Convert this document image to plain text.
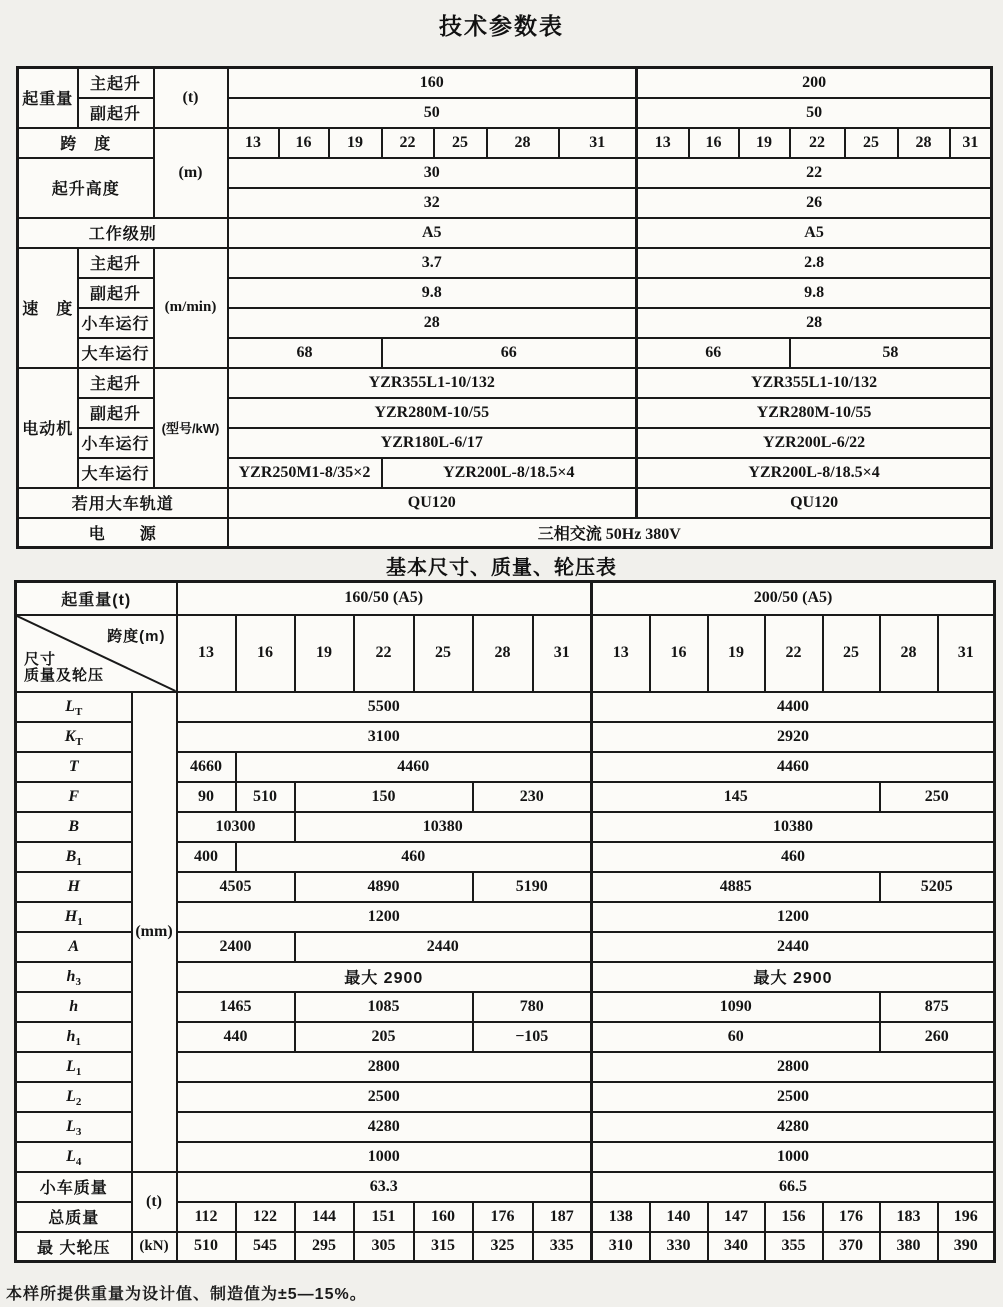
技术参数表
起重量	主起升	(t)	160							200						
	副起升		50							50						
跨　度		(m)	13	16	19	22	25	28	31	13	16	19	22	25	28	31
起升高度			30							22						
			32							26						
工作级别			A5							A5						
速　度	主起升	(m/min)	3.7							2.8						
	副起升		9.8							9.8						
	小车运行		28							28						
	大车运行		68			66				66			58			
电动机	主起升	(型号/kW)	YZR355L1-10/132							YZR355L1-10/132						
	副起升		YZR280M-10/55							YZR280M-10/55						
	小车运行		YZR180L-6/17							YZR200L-6/22						
	大车运行		YZR250M1-8/35×2			YZR200L-8/18.5×4				YZR200L-8/18.5×4						
若用大车轨道			QU120							QU120						
电　　源			三相交流 50Hz 380V													
基本尺寸、质量、轮压表
起重量(t)		160/50 (A5)							200/50 (A5)						

跨度(m)
尺寸
质量及轮压		13	16	19	22	25	28	31	13	16	19	22	25	28	31
$L_T$	(mm)	5500							4400						
$K_T$		3100							2920						
T		4660	4460						4460						
F		90	510	150			230		145					250	
B		10300		10380					10380						
$B_1$		400	460						460						
H		4505		4890			5190		4885					5205	
$H_1$		1200							1200						
A		2400		2440					2440						
$h_3$		最大 2900							最大 2900						
h		1465		1085			780		1090					875	
$h_1$		440		205			−105		60					260	
$L_1$		2800							2800						
$L_2$		2500							2500						
$L_3$		4280							4280						
$L_4$		1000							1000						
小车质量	(t)	63.3							66.5						
总质量		112	122	144	151	160	176	187	138	140	147	156	176	183	196
最 大轮压	(kN)	510	545	295	305	315	325	335	310	330	340	355	370	380	390
本样所提供重量为设计值、制造值为±5—15%。
